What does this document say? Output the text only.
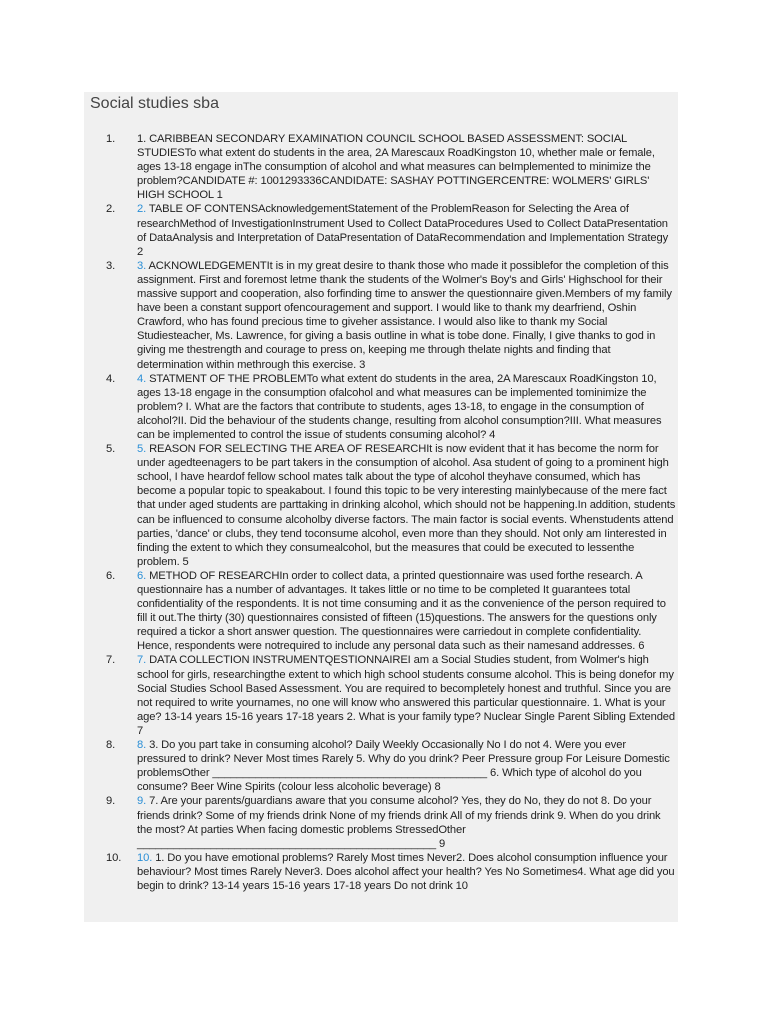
Social studies sba
1.	1. CARIBBEAN SECONDARY EXAMINATION COUNCIL SCHOOL BASED ASSESSMENT: SOCIAL STUDIESTo what extent do students in the area, 2A Marescaux RoadKingston 10, whether male or female, ages 13-18 engage inThe consumption of alcohol and what measures can beImplemented to minimize the problem?CANDIDATE #: 1001293336CANDIDATE: SASHAY POTTINGERCENTRE: WOLMERS' GIRLS' HIGH SCHOOL 1
2.	2. TABLE OF CONTENSAcknowledgementStatement of the ProblemReason for Selecting the Area of researchMethod of InvestigationInstrument Used to Collect DataProcedures Used to Collect DataPresentation of DataAnalysis and Interpretation of DataPresentation of DataRecommendation and Implementation Strategy 2
3.	3. ACKNOWLEDGEMENTIt is in my great desire to thank those who made it possiblefor the completion of this assignment. First and foremost letme thank the students of the Wolmer's Boy's and Girls' Highschool for their massive support and cooperation, also forfinding time to answer the questionnaire given.Members of my family have been a constant support ofencouragement and support. I would like to thank my dearfriend, Oshin Crawford, who has found precious time to giveher assistance. I would also like to thank my Social Studiesteacher, Ms. Lawrence, for giving a basis outline in what is tobe done. Finally, I give thanks to god in giving me thestrength and courage to press on, keeping me through thelate nights and finding that determination within methrough this exercise. 3
4.	4. STATMENT OF THE PROBLEMTo what extent do students in the area, 2A Marescaux RoadKingston 10, ages 13-18 engage in the consumption ofalcohol and what measures can be implemented tominimize the problem? I. What are the factors that contribute to students, ages 13-18, to engage in the consumption of alcohol?II. Did the behaviour of the students change, resulting from alcohol consumption?III. What measures can be implemented to control the issue of students consuming alcohol? 4
5.	5. REASON FOR SELECTING THE AREA OF RESEARCHIt is now evident that it has become the norm for under agedteenagers to be part takers in the consumption of alcohol. Asa student of going to a prominent high school, I have heardof fellow school mates talk about the type of alcohol theyhave consumed, which has become a popular topic to speakabout. I found this topic to be very interesting mainlybecause of the mere fact that under aged students are parttaking in drinking alcohol, which should not be happening.In addition, students can be influenced to consume alcoholby diverse factors. The main factor is social events. Whenstudents attend parties, 'dance' or clubs, they tend toconsume alcohol, even more than they should. Not only am Iinterested in finding the extent to which they consumealcohol, but the measures that could be executed to lessenthe problem. 5
6.	6. METHOD OF RESEARCHIn order to collect data, a printed questionnaire was used forthe research. A questionnaire has a number of advantages. It takes little or no time to be completed It guarantees total confidentiality of the respondents. It is not time consuming and it as the convenience of the person required to fill it out.The thirty (30) questionnaires consisted of fifteen (15)questions. The answers for the questions only required a tickor a short answer question. The questionnaires were carriedout in complete confidentiality. Hence, respondents were notrequired to include any personal data such as their namesand addresses. 6
7.	7. DATA COLLECTION INSTRUMENTQESTIONNAIREI am a Social Studies student, from Wolmer's high school for girls, researchingthe extent to which high school students consume alcohol. This is being donefor my Social Studies School Based Assessment. You are required to becompletely honest and truthful. Since you are not required to write yournames, no one will know who answered this particular questionnaire. 1. What is your age? 13-14 years 15-16 years 17-18 years 2. What is your family type? Nuclear Single Parent Sibling Extended 7
8.	8. 3. Do you part take in consuming alcohol? Daily Weekly Occasionally No I do not 4. Were you ever pressured to drink? Never Most times Rarely 5. Why do you drink? Peer Pressure group For Leisure Domestic problemsOther _____________________________________________ 6. Which type of alcohol do you consume? Beer Wine Spirits (colour less alcoholic beverage) 8
9.	9. 7. Are your parents/guardians aware that you consume alcohol? Yes, they do No, they do not 8. Do your friends drink? Some of my friends drink None of my friends drink All of my friends drink 9. When do you drink the most? At parties When facing domestic problems StressedOther _________________________________________________ 9
10.	10. 1. Do you have emotional problems? Rarely Most times Never2. Does alcohol consumption influence your behaviour? Most times Rarely Never3. Does alcohol affect your health? Yes No Sometimes4. What age did you begin to drink? 13-14 years 15-16 years 17-18 years Do not drink 10
